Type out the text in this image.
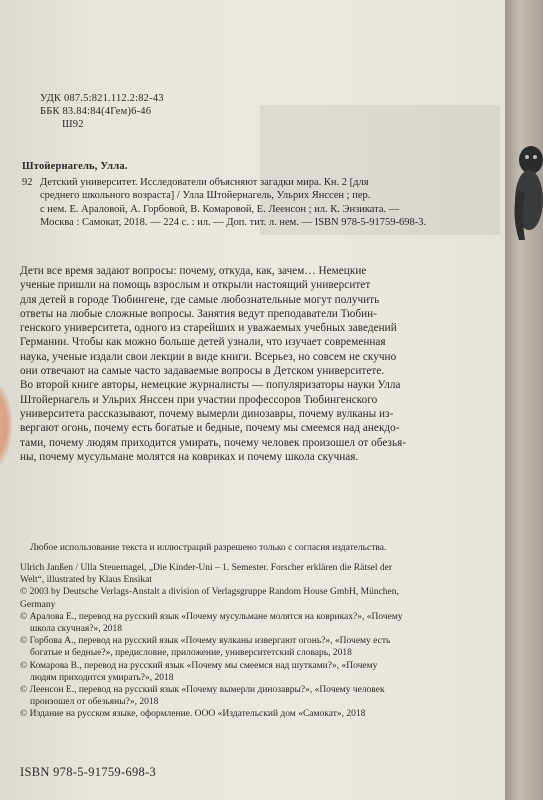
УДК 087.5:821.112.2:82-43
ББК 83.84:84(4Гем)6-46
Ш92
Штойернагель, Улла.
92 Детский университет. Исследователи объясняют загадки мира. Кн. 2 [для
среднего школьного возраста] / Улла Штойернагель, Ульрих Янссен ; пер.
с нем. Е. Араловой, А. Горбовой, В. Комаровой, Е. Леенсон ; ил. К. Энзиката. —
Москва : Самокат, 2018. — 224 с. : ил. — Доп. тит. л. нем. — ISBN 978-5-91759-698-3.
Дети все время задают вопросы: почему, откуда, как, зачем… Немецкие
ученые пришли на помощь взрослым и открыли настоящий университет
для детей в городе Тюбингене, где самые любознательные могут получить
ответы на любые сложные вопросы. Занятия ведут преподаватели Тюбин-
генского университета, одного из старейших и уважаемых учебных заведений
Германии. Чтобы как можно больше детей узнали, что изучает современная
наука, ученые издали свои лекции в виде книги. Всерьез, но совсем не скучно
они отвечают на самые часто задаваемые вопросы в Детском университете.
Во второй книге авторы, немецкие журналисты — популяризаторы науки Улла
Штойернагель и Ульрих Янссен при участии профессоров Тюбингенского
университета рассказывают, почему вымерли динозавры, почему вулканы из-
вергают огонь, почему есть богатые и бедные, почему мы смеемся над анекдо-
тами, почему людям приходится умирать, почему человек произошел от обезья-
ны, почему мусульмане молятся на ковриках и почему школа скучная.
Любое использование текста и иллюстраций разрешено только с согласия издательства.
Ulrich Janßen / Ulla Steuernagel, „Die Kinder-Uni – 1. Semester. Forscher erklären die Rätsel der
Welt“, illustrated by Klaus Ensikat
© 2003 by Deutsche Verlags-Anstalt a division of Verlagsgruppe Random House GmbH, München,
Germany
© Аралова Е., перевод на русский язык «Почему мусульмане молятся на ковриках?», «Почему
школа скучная?», 2018
© Горбова А., перевод на русский язык «Почему вулканы извергают огонь?», «Почему есть
богатые и бедные?», предисловие, приложение, университетский словарь, 2018
© Комарова В., перевод на русский язык «Почему мы смеемся над шутками?», «Почему
людям приходится умирать?», 2018
© Леенсон Е., перевод на русский язык «Почему вымерли динозавры?», «Почему человек
произошел от обезьяны?», 2018
© Издание на русском языке, оформление. ООО «Издательский дом «Самокат», 2018
ISBN 978-5-91759-698-3
